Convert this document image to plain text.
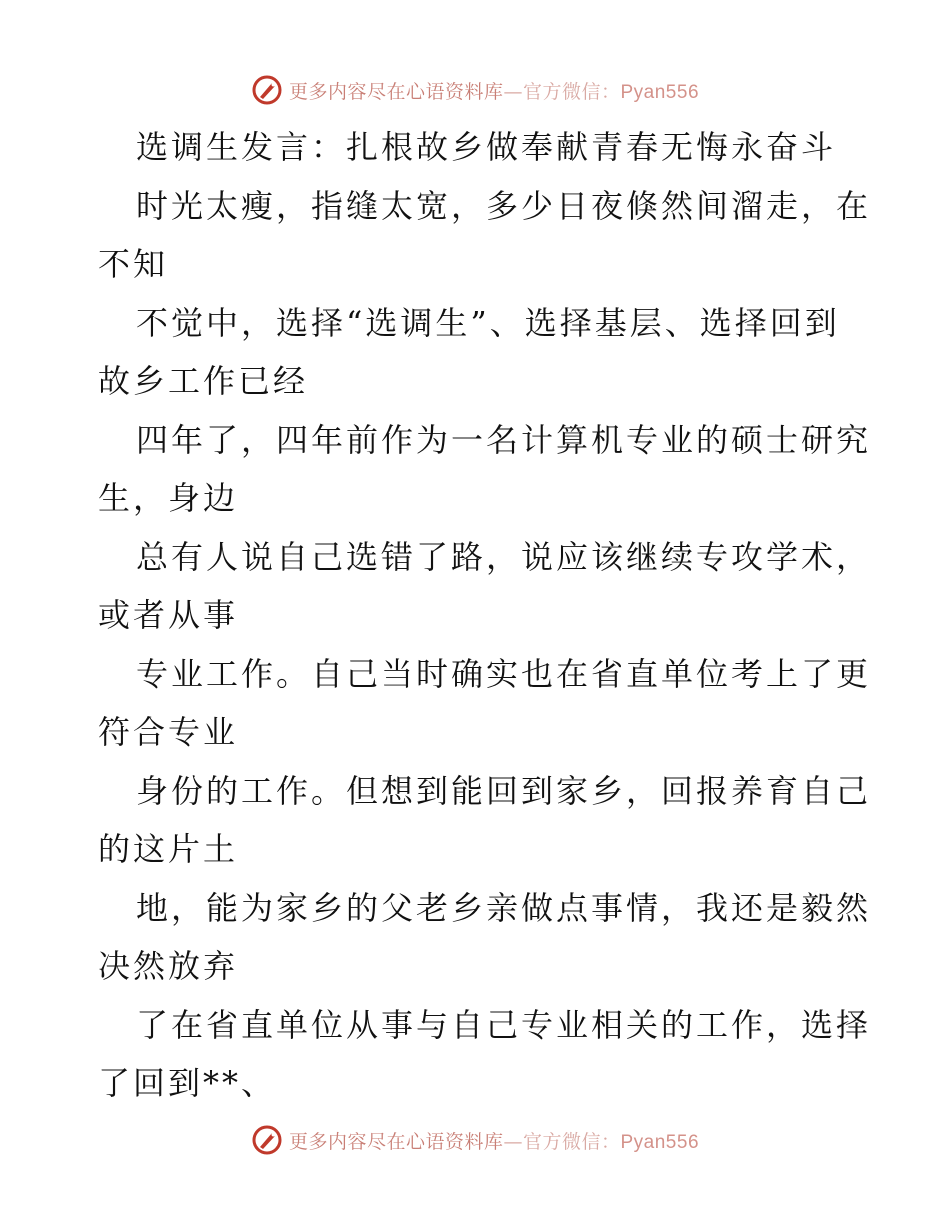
更多内容尽在心语资料库—官方微信：Pyan556
选调生发言：扎根故乡做奉献青春无悔永奋斗
时光太瘦，指缝太宽，多少日夜倏然间溜走，在
不知
不觉中，选择“选调生”、选择基层、选择回到
故乡工作已经
四年了，四年前作为一名计算机专业的硕士研究
生，身边
总有人说自己选错了路，说应该继续专攻学术，
或者从事
专业工作。自己当时确实也在省直单位考上了更
符合专业
身份的工作。但想到能回到家乡，回报养育自己
的这片土
地，能为家乡的父老乡亲做点事情，我还是毅然
决然放弃
了在省直单位从事与自己专业相关的工作，选择
了回到**、
更多内容尽在心语资料库—官方微信：Pyan556
